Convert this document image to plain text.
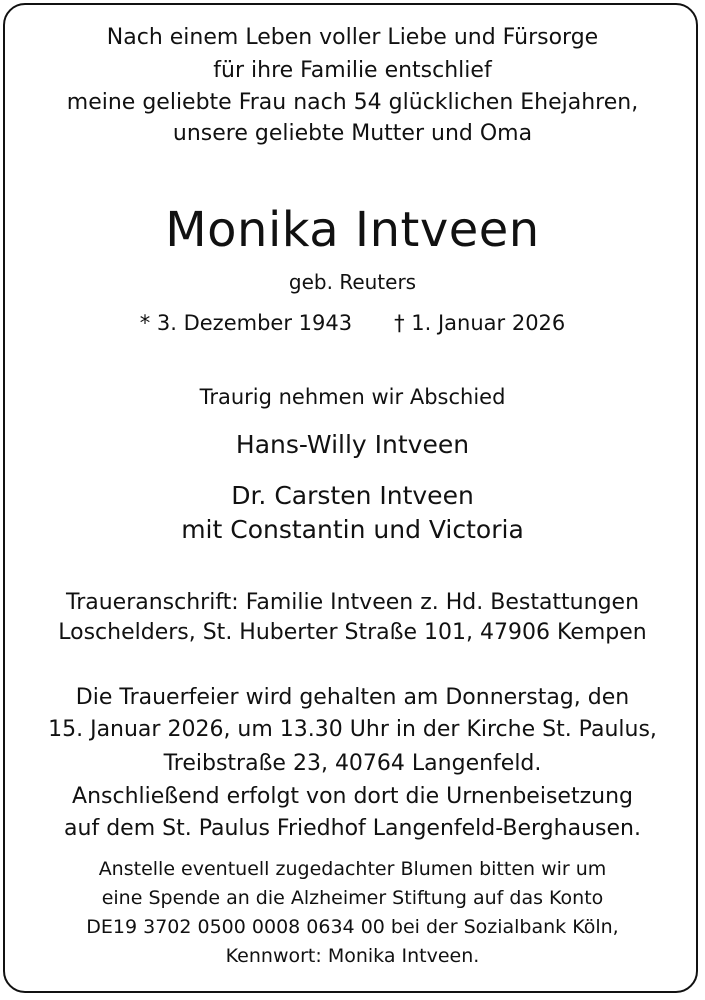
Nach einem Leben voller Liebe und Fürsorge
für ihre Familie entschlief
meine geliebte Frau nach 54 glücklichen Ehejahren,
unsere geliebte Mutter und Oma
Monika Intveen
geb. Reuters
* 3. Dezember 1943 † 1. Januar 2026
Traurig nehmen wir Abschied
Hans-Willy Intveen
Dr. Carsten Intveen
mit Constantin und Victoria
Traueranschrift: Familie Intveen z. Hd. Bestattungen
Loschelders, St. Huberter Straße 101, 47906 Kempen
Die Trauerfeier wird gehalten am Donnerstag, den
15. Januar 2026, um 13.30 Uhr in der Kirche St. Paulus,
Treibstraße 23, 40764 Langenfeld.
Anschließend erfolgt von dort die Urnenbeisetzung
auf dem St. Paulus Friedhof Langenfeld-Berghausen.
Anstelle eventuell zugedachter Blumen bitten wir um
eine Spende an die Alzheimer Stiftung auf das Konto
DE19 3702 0500 0008 0634 00 bei der Sozialbank Köln,
Kennwort: Monika Intveen.
